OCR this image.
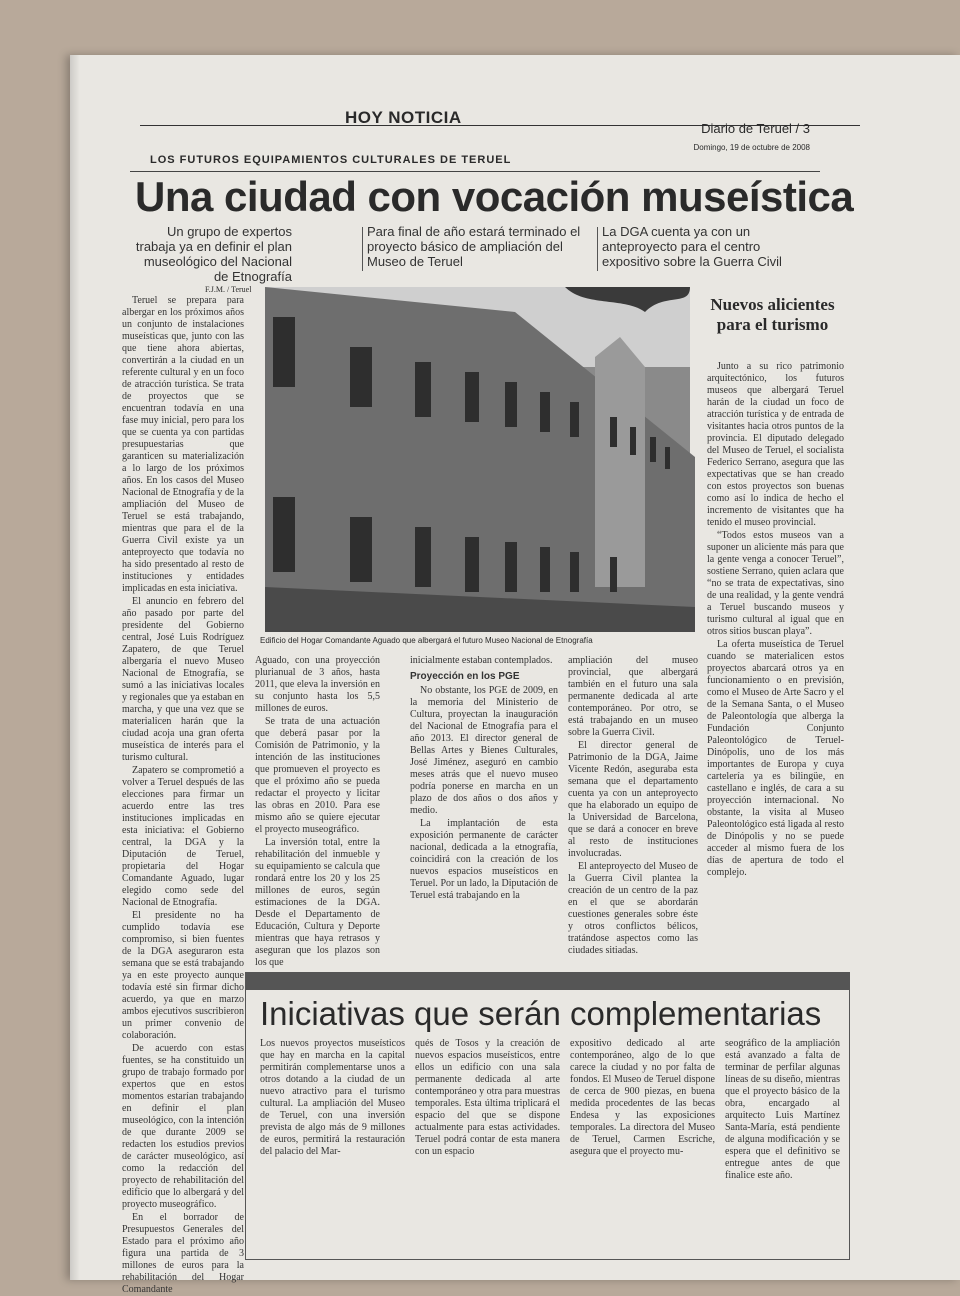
HOY NOTICIA
Diario de Teruel / 3
Domingo, 19 de octubre de 2008
LOS FUTUROS EQUIPAMIENTOS CULTURALES DE TERUEL
Una ciudad con vocación museística
Un grupo de expertos trabaja ya en definir el plan museológico del Nacional de Etnografía
Para final de año estará terminado el proyecto básico de ampliación del Museo de Teruel
La DGA cuenta ya con un anteproyecto para el centro expositivo sobre la Guerra Civil
F.J.M. / Teruel

Teruel se prepara para albergar en los próximos años un conjunto de instalaciones museísticas que, junto con las que tiene ahora abiertas, convertirán a la ciudad en un referente cultural y en un foco de atracción turística. Se trata de proyectos que se encuentran todavía en una fase muy inicial, pero para los que se cuenta ya con partidas presupuestarias que garanticen su materialización a lo largo de los próximos años. En los casos del Museo Nacional de Etnografía y de la ampliación del Museo de Teruel se está trabajando, mientras que para el de la Guerra Civil existe ya un anteproyecto que todavía no ha sido presentado al resto de instituciones y entidades implicadas en esta iniciativa.

El anuncio en febrero del año pasado por parte del presidente del Gobierno central, José Luis Rodríguez Zapatero, de que Teruel albergaría el nuevo Museo Nacional de Etnografía, se sumó a las iniciativas locales y regionales que ya estaban en marcha, y que una vez que se materialicen harán que la ciudad acoja una gran oferta museística de interés para el turismo cultural.

Zapatero se comprometió a volver a Teruel después de las elecciones para firmar un acuerdo entre las tres instituciones implicadas en esta iniciativa: el Gobierno central, la DGA y la Diputación de Teruel, propietaria del Hogar Comandante Aguado, lugar elegido como sede del Nacional de Etnografía.

El presidente no ha cumplido todavía ese compromiso, si bien fuentes de la DGA aseguraron esta semana que se está trabajando ya en este proyecto aunque todavía esté sin firmar dicho acuerdo, ya que en marzo ambos ejecutivos suscribieron un primer convenio de colaboración.

De acuerdo con estas fuentes, se ha constituido un grupo de trabajo formado por expertos que en estos momentos estarían trabajando en definir el plan museológico, con la intención de que durante 2009 se redacten los estudios previos de carácter museológico, así como la redacción del proyecto de rehabilitación del edificio que lo albergará y del proyecto museográfico.

En el borrador de Presupuestos Generales del Estado para el próximo año figura una partida de 3 millones de euros para la rehabilitación del Hogar Comandante

Edificio del Hogar Comandante Aguado que albergará el futuro Museo Nacional de Etnografía

Aguado, con una proyección plurianual de 3 años, hasta 2011, que eleva la inversión en su conjunto hasta los 5,5 millones de euros.

Se trata de una actuación que deberá pasar por la Comisión de Patrimonio, y la intención de las instituciones que promueven el proyecto es que el próximo año se pueda redactar el proyecto y licitar las obras en 2010. Para ese mismo año se quiere ejecutar el proyecto museográfico.

La inversión total, entre la rehabilitación del inmueble y su equipamiento se calcula que rondará entre los 20 y los 25 millones de euros, según estimaciones de la DGA. Desde el Departamento de Educación, Cultura y Deporte mientras que haya retrasos y aseguran que los plazos son los que

inicialmente estaban contemplados.

Proyección en los PGE

No obstante, los PGE de 2009, en la memoria del Ministerio de Cultura, proyectan la inauguración del Nacional de Etnografía para el año 2013. El director general de Bellas Artes y Bienes Culturales, José Jiménez, aseguró en cambio meses atrás que el nuevo museo podría ponerse en marcha en un plazo de dos años o dos años y medio.

La implantación de esta exposición permanente de carácter nacional, dedicada a la etnografía, coincidirá con la creación de los nuevos espacios museísticos en Teruel. Por un lado, la Diputación de Teruel está trabajando en la

ampliación del museo provincial, que albergará también en el futuro una sala permanente dedicada al arte contemporáneo. Por otro, se está trabajando en un museo sobre la Guerra Civil.

El director general de Patrimonio de la DGA, Jaime Vicente Redón, aseguraba esta semana que el departamento cuenta ya con un anteproyecto que ha elaborado un equipo de la Universidad de Barcelona, que se dará a conocer en breve al resto de instituciones involucradas.

El anteproyecto del Museo de la Guerra Civil plantea la creación de un centro de la paz en el que se abordarán cuestiones generales sobre éste y otros conflictos bélicos, tratándose aspectos como las ciudades sitiadas.

Nuevos alicientes para el turismo

Junto a su rico patrimonio arquitectónico, los futuros museos que albergará Teruel harán de la ciudad un foco de atracción turística y de entrada de visitantes hacia otros puntos de la provincia. El diputado delegado del Museo de Teruel, el socialista Federico Serrano, asegura que las expectativas que se han creado con estos proyectos son buenas como así lo indica de hecho el incremento de visitantes que ha tenido el museo provincial.

“Todos estos museos van a suponer un aliciente más para que la gente venga a conocer Teruel”, sostiene Serrano, quien aclara que “no se trata de expectativas, sino de una realidad, y la gente vendrá a Teruel buscando museos y turismo cultural al igual que en otros sitios buscan playa”.

La oferta museística de Teruel cuando se materialicen estos proyectos abarcará otros ya en funcionamiento o en previsión, como el Museo de Arte Sacro y el de la Semana Santa, o el Museo de Paleontología que alberga la Fundación Conjunto Paleontológico de Teruel-Dinópolis, uno de los más importantes de Europa y cuya cartelería ya es bilingüe, en castellano e inglés, de cara a su proyección internacional. No obstante, la visita al Museo Paleontológico está ligada al resto de Dinópolis y no se puede acceder al mismo fuera de los días de apertura de todo el complejo.

Iniciativas que serán complementarias
Los nuevos proyectos museísticos que hay en marcha en la capital permitirán complementarse unos a otros dotando a la ciudad de un nuevo atractivo para el turismo cultural. La ampliación del Museo de Teruel, con una inversión prevista de algo más de 9 millones de euros, permitirá la restauración del palacio del Mar-
qués de Tosos y la creación de nuevos espacios museísticos, entre ellos un edificio con una sala permanente dedicada al arte contemporáneo y otra para muestras temporales. Esta última triplicará el espacio del que se dispone actualmente para estas actividades. Teruel podrá contar de esta manera con un espacio
expositivo dedicado al arte contemporáneo, algo de lo que carece la ciudad y no por falta de fondos. El Museo de Teruel dispone de cerca de 900 piezas, en buena medida procedentes de las becas Endesa y las exposiciones temporales. La directora del Museo de Teruel, Carmen Escriche, asegura que el proyecto mu-
seográfico de la ampliación está avanzado a falta de terminar de perfilar algunas líneas de su diseño, mientras que el proyecto básico de la obra, encargado al arquitecto Luis Martínez Santa-María, está pendiente de alguna modificación y se espera que el definitivo se entregue antes de que finalice este año.
